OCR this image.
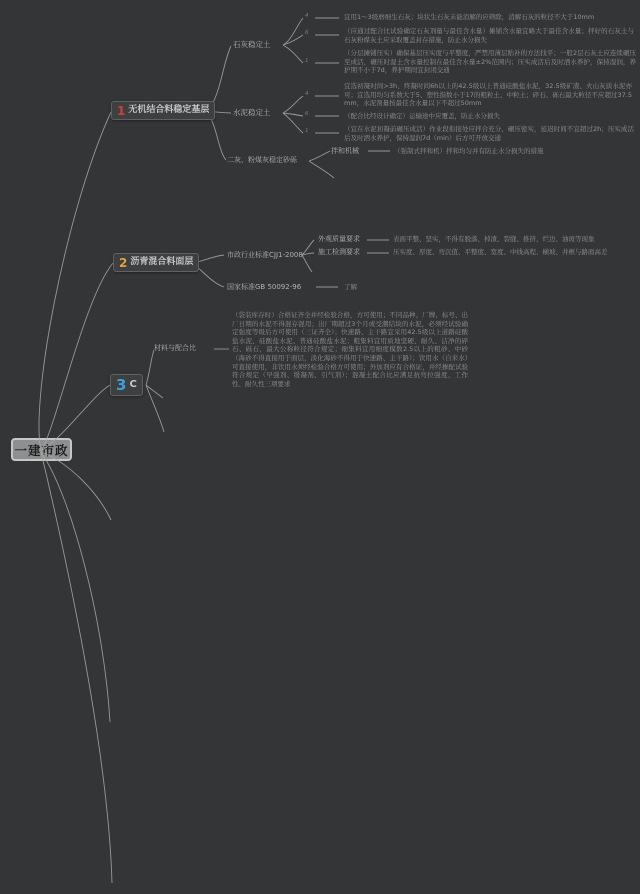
一建市政
1 无机结合料稳定基层
石灰稳定土
水泥稳定土
二灰、粉煤灰稳定砂砾
4
6
1
4
6
1
宜用1～3级磨细生石灰；块状生石灰未能消解的应筛除，消解石灰的粒径不大于10mm
（应通过配合比试验确定石灰剂量与最佳含水量）摊铺含水量宜略大于最佳含水量；拌好的石灰土与石灰粉煤灰土应采取覆盖封存措施，防止水分损失
（分层摊铺压实）确保基层压实度与平整度，严禁用薄层贴补的方法找平；一般2层石灰土应连续碾压至成活，碾压时湿土含水量控制在最佳含水量±2%范围内；压实成活后及时洒水养护，保持湿润，养护期不小于7d，养护期间宜封闭交通
宜选初凝时间>3h、终凝时间6h以上的42.5级以上普通硅酸盐水泥，32.5级矿渣、火山灰质水泥亦可；宜选用均匀系数大于5、塑性指数小于17的粗粒土、中粒土；碎石、砾石最大粒径不应超过37.5mm，水泥剂量按最佳含水量以下不超过50mm
（配合比经设计确定）运输途中应覆盖，防止水分损失
（宜在水泥初凝前碾压成活）作业段衔接处应拌合充分、碾压密实，延迟时间不宜超过2h；压实成活后及时洒水养护，保持湿润7d（min）后方可开放交通
拌和机械	（强制式拌和机）拌和均匀并有防止水分损失的措施
2 沥青混合料面层
市政行业标准CJJ1-2008
外观质量要求	表面平整、坚实，不得有脱落、掉渣、裂缝、推挤、烂边、油斑等现象
施工检测要求	压实度、厚度、弯沉值、平整度、宽度、中线高程、横坡、井框与路面高差
国家标准GB 50092-96	了解
3 C
材料与配合比
（袋装库存时）合格证齐全并经检验合格，方可使用；不同品种、厂牌、标号、出厂日期的水泥不得混存混用；出厂期超过3个月或受潮结块的水泥，必须经试验确定强度等级后方可使用（三证齐全）；快速路、主干路宜采用42.5级以上道路硅酸盐水泥、硅酸盐水泥、普通硅酸盐水泥；粗集料宜用质地坚硬、耐久、洁净的碎石、砾石，最大公称粒径符合规定；细集料宜用细度模数2.5以上的粗砂、中砂（海砂不得直接用于面层，淡化海砂不得用于快速路、主干路）；饮用水（自来水）可直接使用，非饮用水须经检验合格方可使用；外加剂应有合格证，并经掺配试验符合规定（早强剂、缓凝剂、引气剂）；混凝土配合比应满足抗弯拉强度、工作性、耐久性三项要求
